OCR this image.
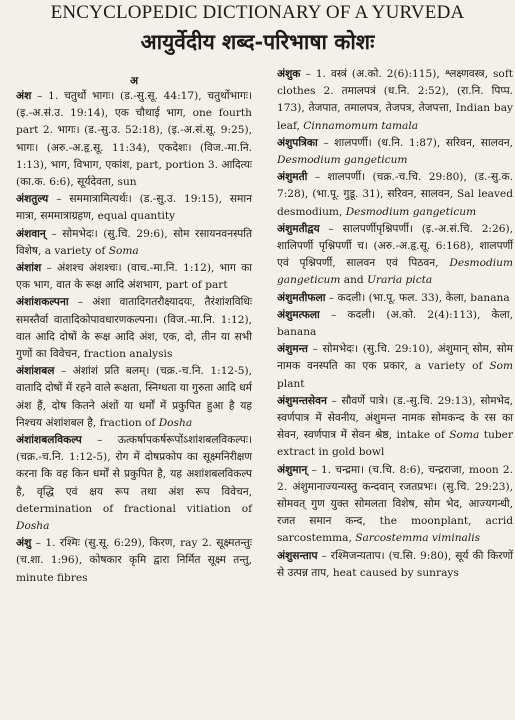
ENCYCLOPEDIC DICTIONARY OF A YURVEDA
आयुर्वेदीय शब्द-परिभाषा कोशः
अ

अंश – 1. चतुर्थो भागः। (ड.-सु.सू. 44:17), चतुर्थोभागः। (इ.-अ.सं.उ. 19:14), एक चौथाई भाग, one fourth part 2. भागः। (ड.-सु.उ. 52:18), (इ.-अ.सं.सू. 9:25), भागः। (अरु.-अ.हृ.सू. 11:34), एकदेशः। (विज.-मा.नि. 1:13), भाग, विभाग, एकांश, part, portion 3. आदित्यः (का.क. 6:6), सूर्यदेवता, sun

अंशतुल्य – सममात्रामित्यर्थः। (ड.-सु.उ. 19:15), समान मात्रा, सममात्राग्रहण, equal quantity

अंशवान् – सोमभेदः। (सु.चि. 29:6), सोम रसायनवनस्पति विशेष, a variety of Soma

अंशांश – अंशश्च अंशश्चः। (वाच.-मा.नि. 1:12), भाग का एक भाग, वात के रूक्ष आदि अंशभाग, part of part

अंशांशकल्पना – अंशा वातादिगतरौक्ष्यादयः, तैरंशांशविधिः समस्तैर्वा वातादिकोपावधारणकल्पना। (विज.-मा.नि. 1:12), वात आदि दोषों के रूक्ष आदि अंश, एक, दो, तीन या सभी गुणों का विवेचन, fraction analysis

अंशांशबल – अंशांशं प्रति बलम्। (चक्र.-च.नि. 1:12-5), वातादि दोषों में रहने वाले रूक्षता, स्निग्धता या गुरुता आदि धर्म अंश हैं, दोष कितने अंशों या धर्मों में प्रकुपित हुआ है यह निश्चय अंशांशबल है, fraction of Dosha

अंशांशबलविकल्प – ऊत्कर्षापकर्षरूपोंऽशांशबलविकल्पः। (चक्र.-च.नि. 1:12-5), रोग में दोषप्रकोप का सूक्ष्मनिरीक्षण करना कि वह किन धर्मों से प्रकुपित है, यह अशांशबलविकल्प है, वृद्धि एवं क्षय रूप तथा अंश रूप विवेचन, determination of fractional vitiation of Dosha

अंशु – 1. रश्मिः (सु.सू. 6:29), किरण, ray 2. सूक्ष्मतन्तुः (च.शा. 1:96), कोषकार कृमि द्वारा निर्मित सूक्ष्म तन्तु, minute fibres

अंशुक – 1. वस्त्रं (अ.को. 2(6):115), श्लक्ष्णवस्त्र, soft clothes 2. तमालपत्रं (ध.नि. 2:52), (रा.नि. पिप्प. 173), तेजपात, तमालपत्र, तेजपत्र, तेजपत्ता, Indian bay leaf, Cinnamomum tamala

अंशुपत्रिका – शालपर्णी। (ध.नि. 1:87), सरिवन, सालवन, Desmodium gangeticum

अंशुमती – शालपर्णी। (चक्र.-च.चि. 29:80), (ड.-सु.क. 7:28), (भा.पू. गुडू. 31), सरिवन, सालवन, Sal leaved desmodium, Desmodium gangeticum

अंशुमतीद्वय – सालपर्णीपृश्निपर्णी। (इ.-अ.सं.चि. 2:26), शालिपर्णी पृश्निपर्णी च। (अरु.-अ.हृ.सू. 6:168), शालपर्णी एवं पृश्निपर्णी, सालवन एवं पिठवन, Desmodium gangeticum and Uraria picta

अंशुमतीफला – कदली। (भा.पू. फल. 33), केला, banana

अंशुमत्फला – कदली। (अ.को. 2(4):113), केला, banana

अंशुमन्त – सोमभेदः। (सु.चि. 29:10), अंशुमान् सोम, सोम नामक वनस्पति का एक प्रकार, a variety of Som plant

अंशुमन्तसेवन – सौवर्णे पात्रे। (ड.-सु.चि. 29:13), सोमभेद, स्वर्णपात्र में सेवनीय, अंशुमन्त नामक सोमकन्द के रस का सेवन, स्वर्णपात्र में सेवन श्रेष्ठ, intake of Soma tuber extract in gold bowl

अंशुमान् – 1. चन्द्रमा। (च.चि. 8:6), चन्द्रराजा, moon 2. 2. अंशुमानाज्यन्यस्तु कन्दवान् रजतप्रभः। (सु.चि. 29:23), सोमवत् गुण युक्त सोमलता विशेष, सोम भेद, आज्यगन्धी, रजत समान कन्द, the moonplant, acrid sarcostemma, Sarcostemma viminalis

अंशुसन्ताप – रश्मिजन्यताप। (च.सि. 9:80), सूर्य की किरणों से उत्पन्न ताप, heat caused by sunrays
